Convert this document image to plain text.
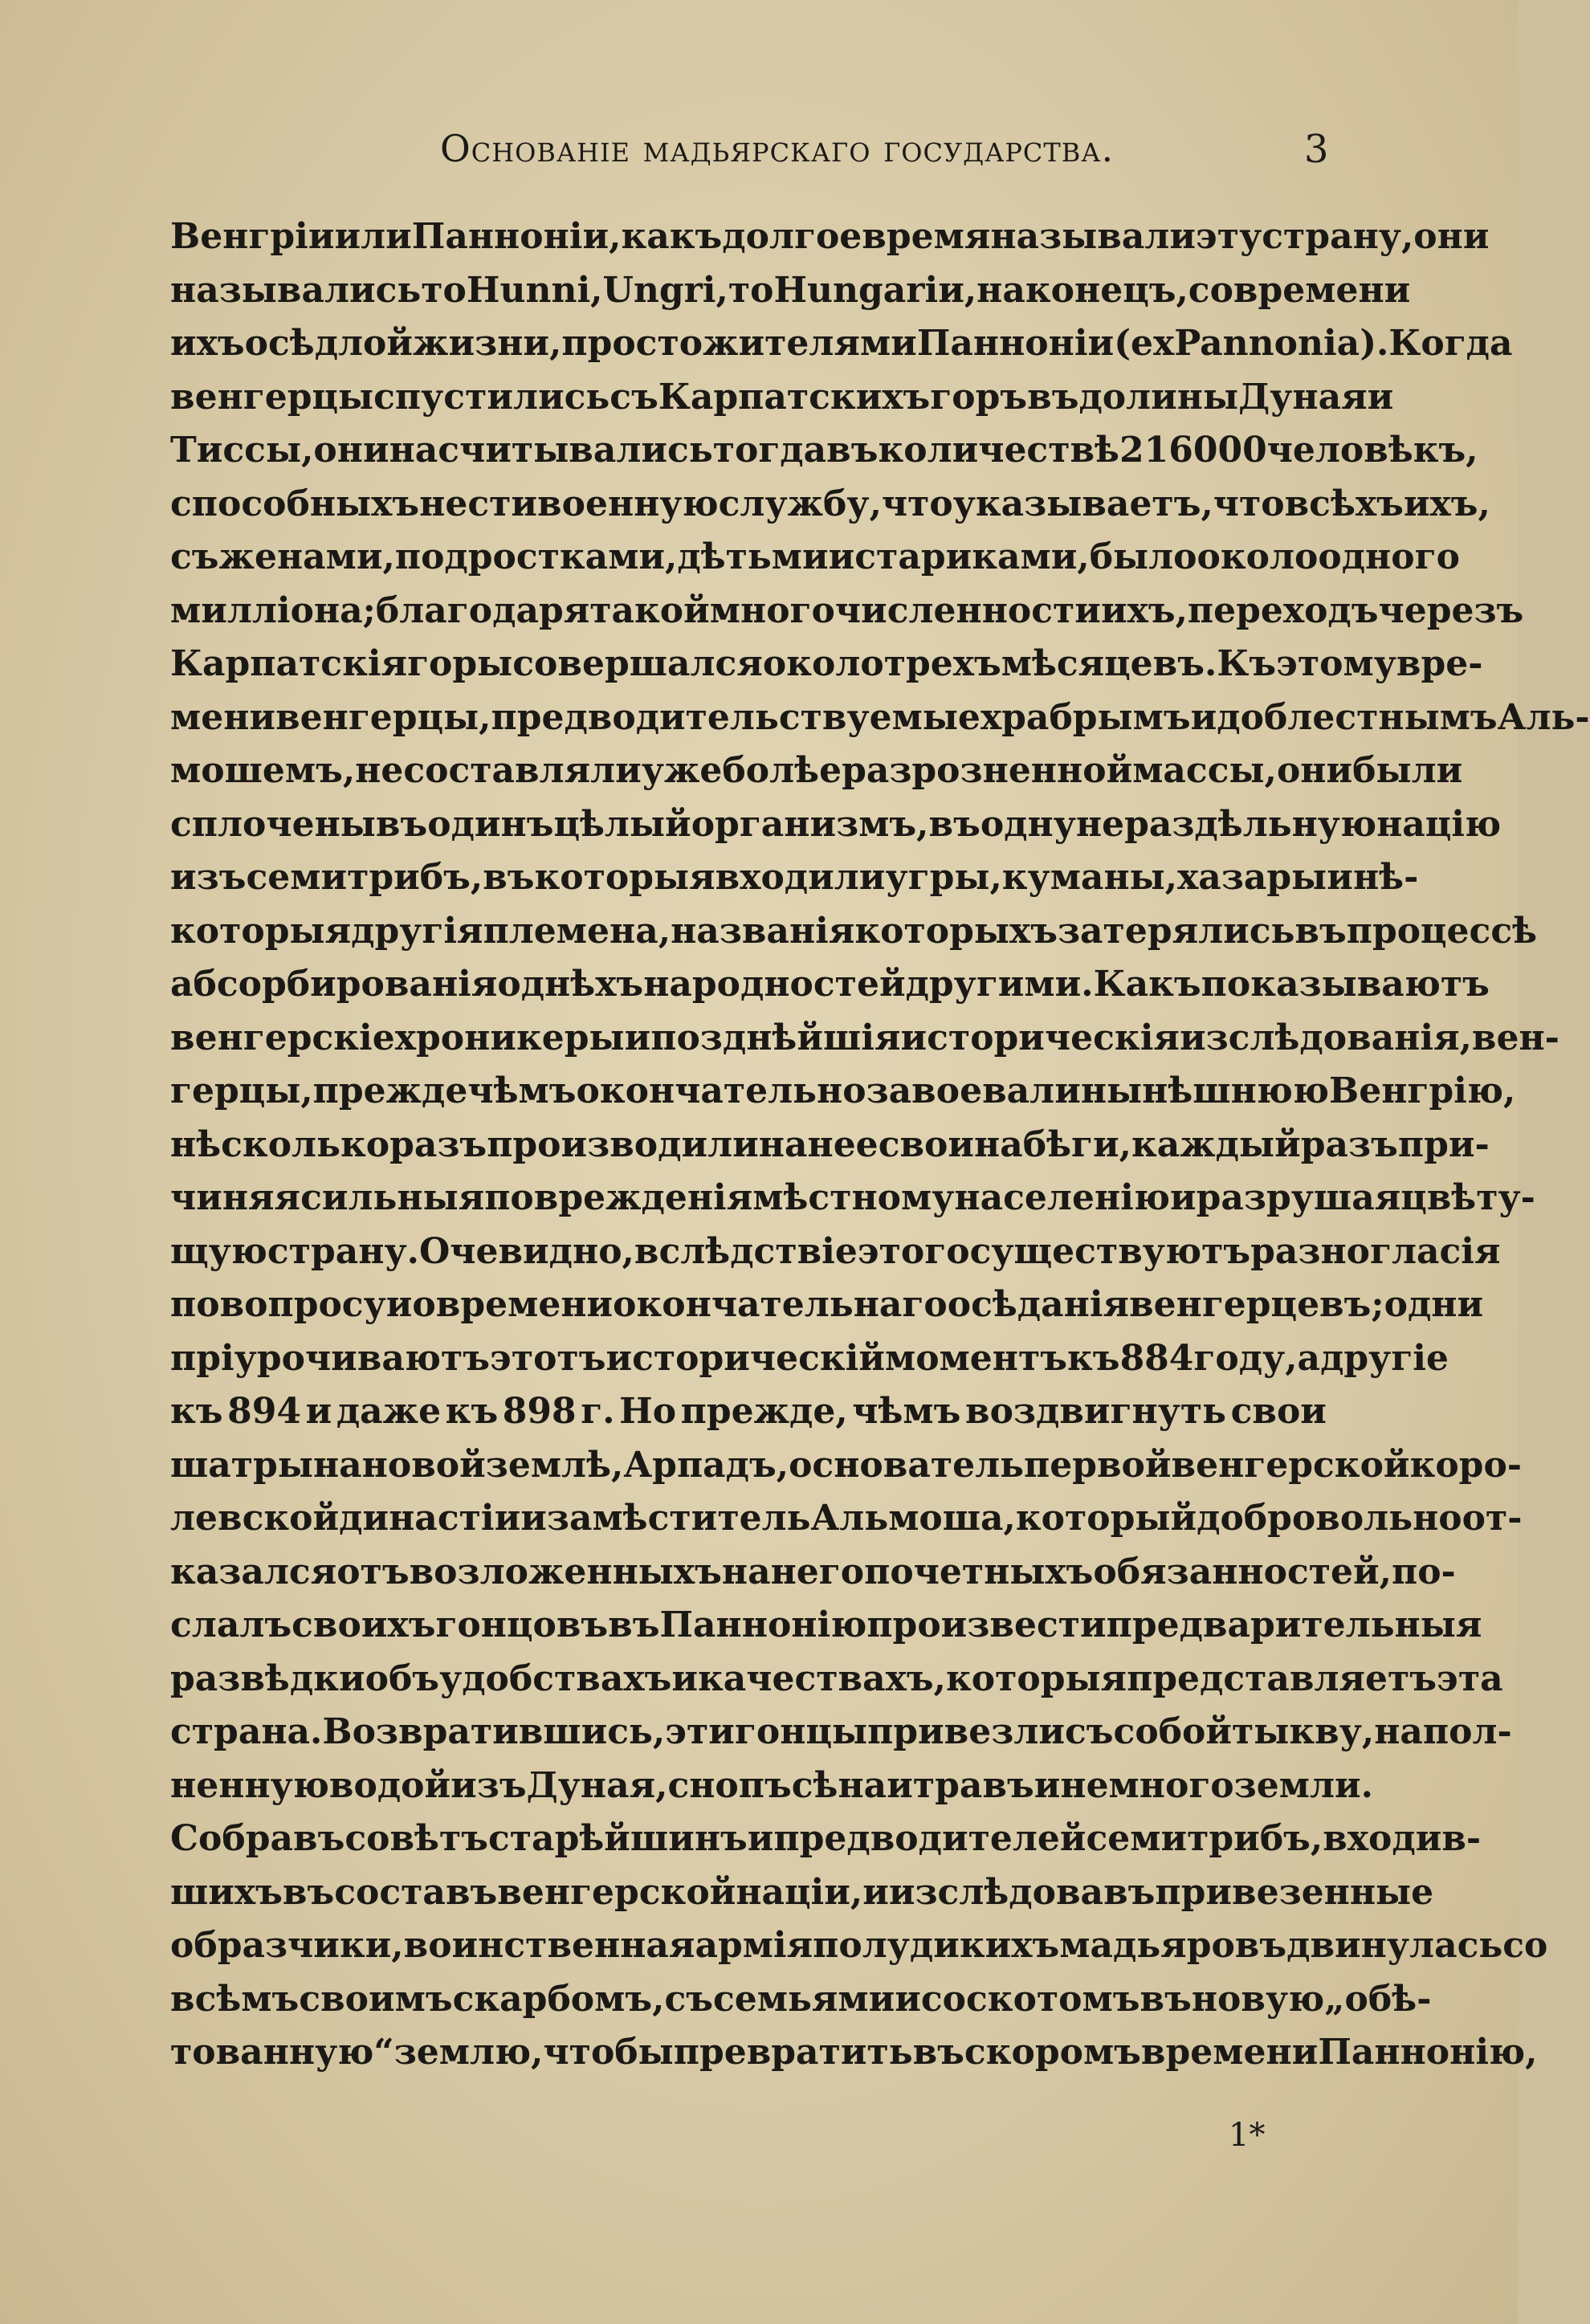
Основаніе мадьярскаго государства.	3
Венгріи или Панноніи, какъ долгое время называли эту страну, они
назывались то Hunni, Ungri, то Hungari и, наконецъ, со времени
ихъ осѣдлой жизни, просто жителями Панноніи (ex Pannonia). Когда
венгерцы спустились съ Карпатскихъ горъ въ долины Дуная и
Тиссы, они насчитывались тогда въ количествѣ 216000 человѣкъ,
способныхъ нести военную службу, что указываетъ, что всѣхъ ихъ,
съ женами, подростками, дѣтьми и стариками, было около одного
милліона; благодаря такой многочисленности ихъ, переходъ черезъ
Карпатскія горы совершался около трехъ мѣсяцевъ. Къ этому вре-
мени венгерцы, предводительствуемые храбрымъ и доблестнымъ Аль-
мошемъ, не составляли уже болѣе разрозненной массы, они были
сплочены въ одинъ цѣлый организмъ, въ одну нераздѣльную націю
изъ семи трибъ, въ которыя входили угры, куманы, хазары и нѣ-
которыя другія племена, названія которыхъ затерялись въ процессѣ
абсорбированія однѣхъ народностей другими. Какъ показываютъ
венгерскіе хроникеры и позднѣйшія историческія изслѣдованія, вен-
герцы, прежде чѣмъ окончательно завоевали нынѣшнюю Венгрію,
нѣсколько разъ производили на нее свои набѣги, каждый разъ при-
чиняя сильныя поврежденія мѣстному населенію и разрушая цвѣту-
щую страну. Очевидно, вслѣдствіе этого существуютъ разногласія
по вопросу и о времени окончательнаго осѣданія венгерцевъ; одни
пріурочиваютъ этотъ историческій моментъ къ 884 году, а другіе
къ 894 и даже къ 898 г. Но прежде, чѣмъ воздвигнуть свои
шатры на новой землѣ, Арпадъ, основатель первой венгерской коро-
левской династіи и замѣститель Альмоша, который добровольно от-
казался отъ возложенныхъ на него почетныхъ обязанностей, по-
слалъ своихъ гонцовъ въ Паннонію произвести предварительныя
развѣдки объ удобствахъ и качествахъ, которыя представляетъ эта
страна. Возвратившись, эти гонцы привезли съ собой тыкву, напол-
ненную водой изъ Дуная, снопъ сѣна и травъ и немного земли.
Собравъ совѣтъ старѣйшинъ и предводителей семи трибъ, входив-
шихъ въ составъ венгерской націи, и изслѣдовавъ привезенные
образчики, воинственная армія полудикихъ мадьяровъ двинулась со
всѣмъ своимъ скарбомъ, съ семьями и со скотомъ въ новую „обѣ-
тованную“ землю, чтобы превратить въ скоромъ времени Паннонію,
1*
